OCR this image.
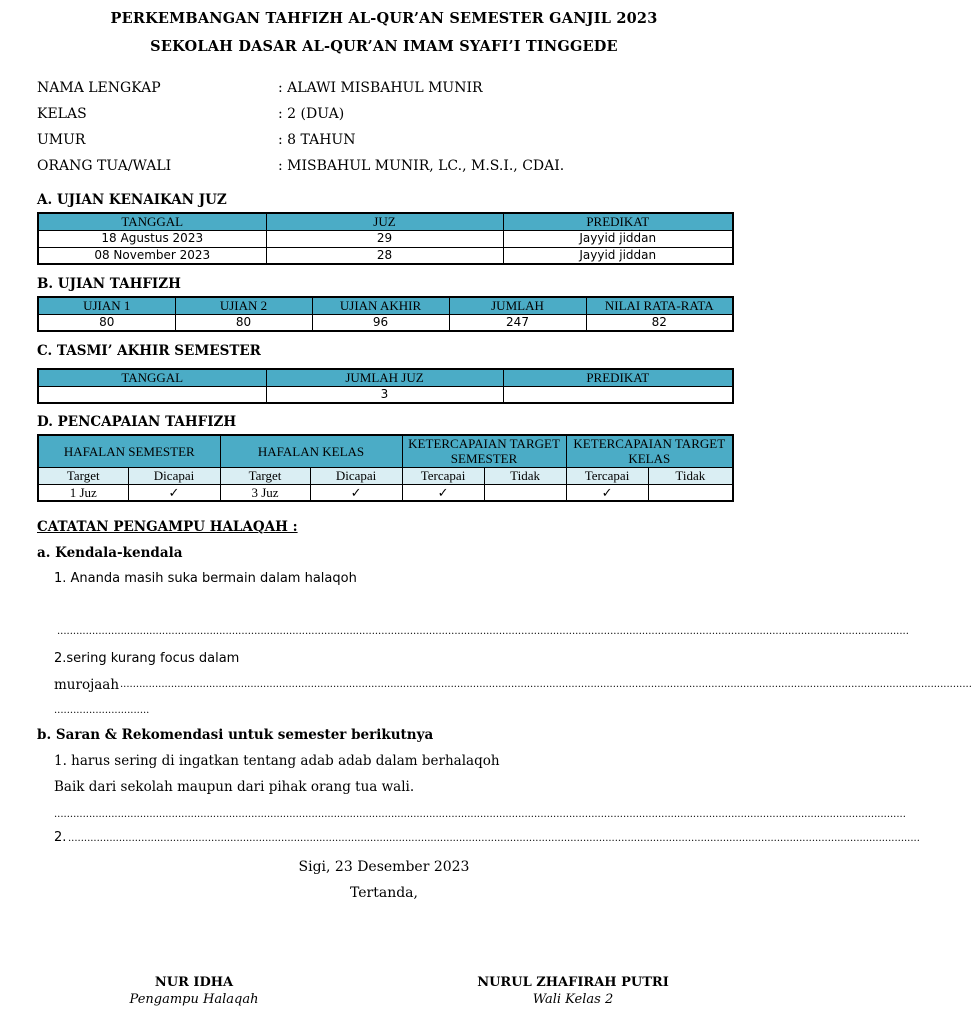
PERKEMBANGAN TAHFIZH AL-QUR’AN SEMESTER GANJIL 2023
SEKOLAH DASAR AL-QUR’AN IMAM SYAFI’I TINGGEDE
NAMA LENGKAP	: ALAWI MISBAHUL MUNIR
KELAS	: 2 (DUA)
UMUR	: 8 TAHUN
ORANG TUA/WALI	: MISBAHUL MUNIR, LC., M.S.I., CDAI.
A. UJIAN KENAIKAN JUZ
TANGGAL	JUZ	PREDIKAT
18 Agustus 2023	29	Jayyid jiddan
08 November 2023	28	Jayyid jiddan
B. UJIAN TAHFIZH
UJIAN 1	UJIAN 2	UJIAN AKHIR	JUMLAH	NILAI RATA-RATA
80	80	96	247	82
C. TASMI’ AKHIR SEMESTER
TANGGAL	JUMLAH JUZ	PREDIKAT
	3	
D. PENCAPAIAN TAHFIZH
HAFALAN SEMESTER		HAFALAN KELAS		KETERCAPAIAN TARGET SEMESTER		KETERCAPAIAN TARGET KELAS	
Target	Dicapai	Target	Dicapai	Tercapai	Tidak	Tercapai	Tidak
1 Juz	✓	3 Juz	✓	✓		✓	
CATATAN PENGAMPU HALAQAH :
a. Kendala-kendala
1. Ananda masih suka bermain dalam halaqoh
............................................................................................................................................................................................................................................................................
2.sering kurang focus dalam
murojaah ............................................................................................................................................................................................................................................................................
..............................
b. Saran & Rekomendasi untuk semester berikutnya
1. harus sering di ingatkan tentang adab adab dalam berhalaqoh
Baik dari sekolah maupun dari pihak orang tua wali.
............................................................................................................................................................................................................................................................................
2. ............................................................................................................................................................................................................................................................................
Sigi, 23 Desember 2023
Tertanda,
NUR IDHA
Pengampu Halaqah
NURUL ZHAFIRAH PUTRI
Wali Kelas 2
